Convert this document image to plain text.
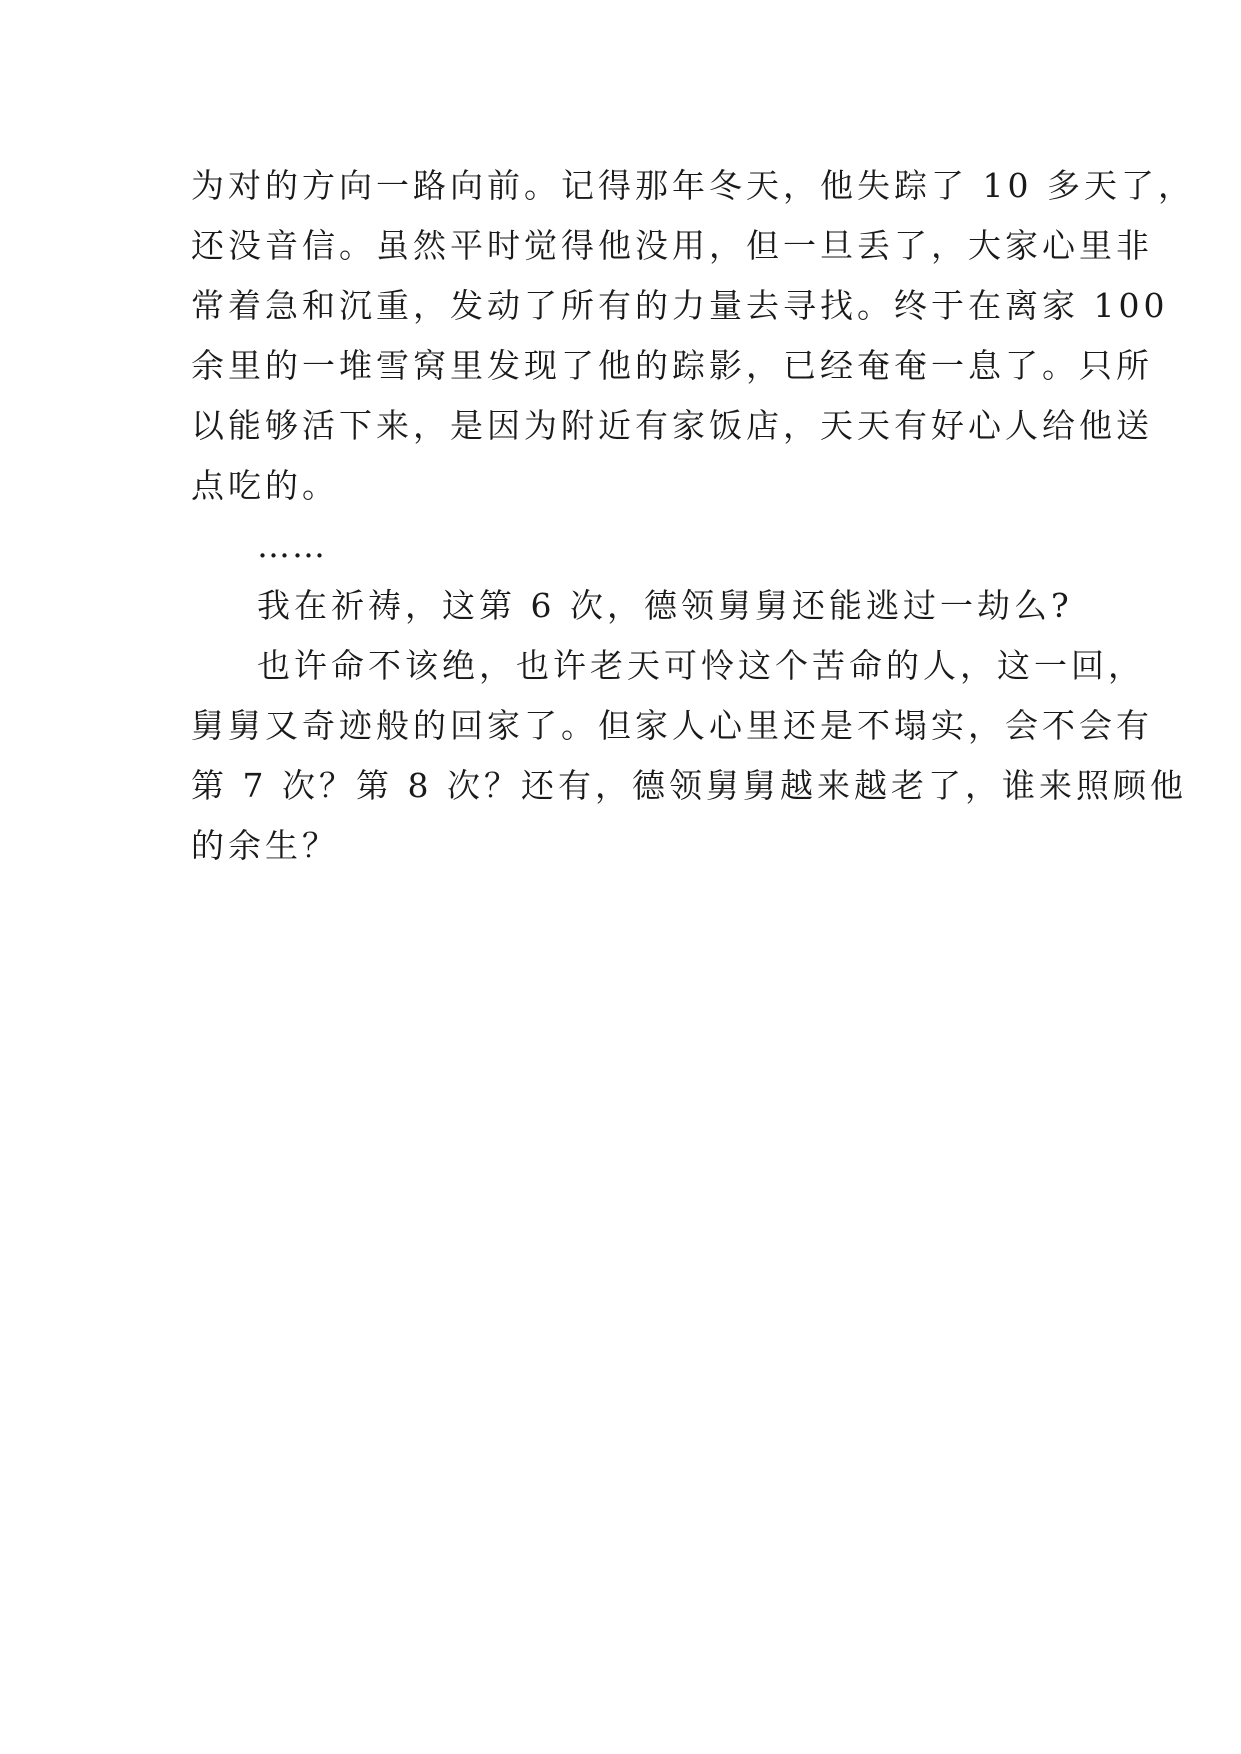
为对的方向一路向前。记得那年冬天，他失踪了 10 多天了，
还没音信。虽然平时觉得他没用，但一旦丢了，大家心里非
常着急和沉重，发动了所有的力量去寻找。终于在离家 100
余里的一堆雪窝里发现了他的踪影，已经奄奄一息了。只所
以能够活下来，是因为附近有家饭店，天天有好心人给他送
点吃的。
……
我在祈祷，这第 6 次，德领舅舅还能逃过一劫么?
也许命不该绝，也许老天可怜这个苦命的人，这一回，
舅舅又奇迹般的回家了。但家人心里还是不塌实，会不会有
第 7 次？第 8 次？还有，德领舅舅越来越老了，谁来照顾他
的余生？
